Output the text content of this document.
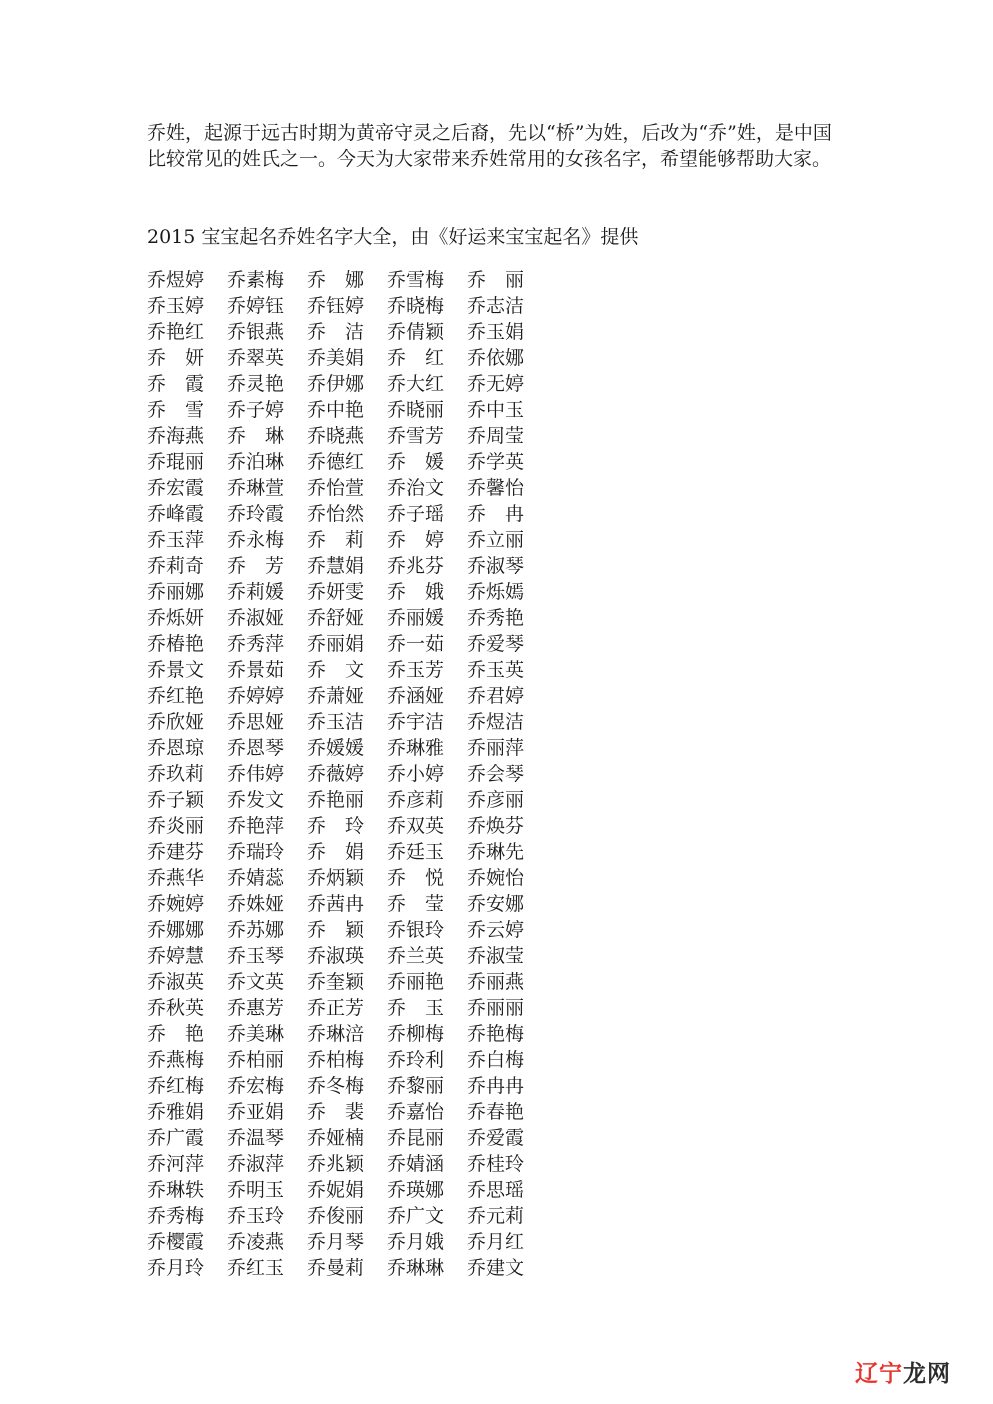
乔姓，起源于远古时期为黄帝守灵之后裔，先以“桥”为姓，后改为“乔”姓，是中国比较常见的姓氏之一。今天为大家带来乔姓常用的女孩名字，希望能够帮助大家。

2015 宝宝起名乔姓名字大全，由《好运来宝宝起名》提供

乔煜婷	乔素梅	乔　娜	乔雪梅	乔　丽
乔玉婷	乔婷钰	乔钰婷	乔晓梅	乔志洁
乔艳红	乔银燕	乔　洁	乔倩颖	乔玉娟
乔　妍	乔翠英	乔美娟	乔　红	乔依娜
乔　霞	乔灵艳	乔伊娜	乔大红	乔无婷
乔　雪	乔子婷	乔中艳	乔晓丽	乔中玉
乔海燕	乔　琳	乔晓燕	乔雪芳	乔周莹
乔琨丽	乔泊琳	乔德红	乔　媛	乔学英
乔宏霞	乔琳萱	乔怡萱	乔治文	乔馨怡
乔峰霞	乔玲霞	乔怡然	乔子瑶	乔　冉
乔玉萍	乔永梅	乔　莉	乔　婷	乔立丽
乔莉奇	乔　芳	乔慧娟	乔兆芬	乔淑琴
乔丽娜	乔莉媛	乔妍雯	乔　娥	乔烁嫣
乔烁妍	乔淑娅	乔舒娅	乔丽媛	乔秀艳
乔椿艳	乔秀萍	乔丽娟	乔一茹	乔爱琴
乔景文	乔景茹	乔　文	乔玉芳	乔玉英
乔红艳	乔婷婷	乔萧娅	乔涵娅	乔君婷
乔欣娅	乔思娅	乔玉洁	乔宇洁	乔煜洁
乔恩琼	乔恩琴	乔媛媛	乔琳雅	乔丽萍
乔玖莉	乔伟婷	乔薇婷	乔小婷	乔会琴
乔子颖	乔发文	乔艳丽	乔彦莉	乔彦丽
乔炎丽	乔艳萍	乔　玲	乔双英	乔焕芬
乔建芬	乔瑞玲	乔　娟	乔廷玉	乔琳先
乔燕华	乔婧蕊	乔炳颖	乔　悦	乔婉怡
乔婉婷	乔姝娅	乔茜冉	乔　莹	乔安娜
乔娜娜	乔苏娜	乔　颖	乔银玲	乔云婷
乔婷慧	乔玉琴	乔淑瑛	乔兰英	乔淑莹
乔淑英	乔文英	乔奎颖	乔丽艳	乔丽燕
乔秋英	乔惠芳	乔正芳	乔　玉	乔丽丽
乔　艳	乔美琳	乔琳涪	乔柳梅	乔艳梅
乔燕梅	乔柏丽	乔柏梅	乔玲利	乔白梅
乔红梅	乔宏梅	乔冬梅	乔黎丽	乔冉冉
乔雅娟	乔亚娟	乔　裴	乔嘉怡	乔春艳
乔广霞	乔温琴	乔娅楠	乔昆丽	乔爱霞
乔河萍	乔淑萍	乔兆颖	乔婧涵	乔桂玲
乔琳轶	乔明玉	乔妮娟	乔瑛娜	乔思瑶
乔秀梅	乔玉玲	乔俊丽	乔广文	乔元莉
乔樱霞	乔凌燕	乔月琴	乔月娥	乔月红
乔月玲	乔红玉	乔曼莉	乔琳琳	乔建文
辽宁 龙网
